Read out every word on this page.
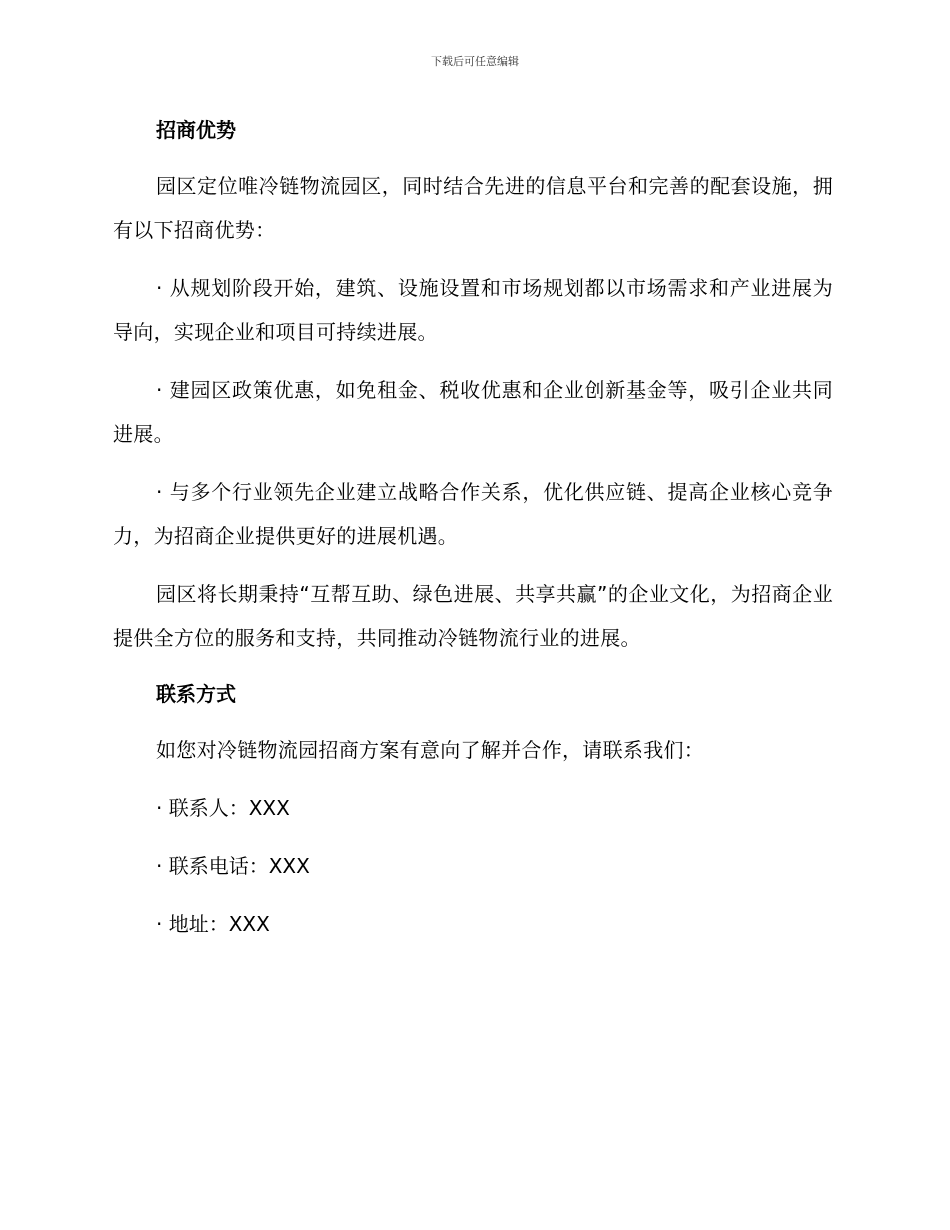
下载后可任意编辑
招商优势

园区定位唯冷链物流园区，同时结合先进的信息平台和完善的配套设施，拥有以下招商优势：

· 从规划阶段开始，建筑、设施设置和市场规划都以市场需求和产业进展为导向，实现企业和项目可持续进展。

· 建园区政策优惠，如免租金、税收优惠和企业创新基金等，吸引企业共同进展。

· 与多个行业领先企业建立战略合作关系，优化供应链、提高企业核心竞争力，为招商企业提供更好的进展机遇。

园区将长期秉持“互帮互助、绿色进展、共享共赢”的企业文化，为招商企业提供全方位的服务和支持，共同推动冷链物流行业的进展。

联系方式

如您对冷链物流园招商方案有意向了解并合作，请联系我们：

· 联系人：XXX

· 联系电话：XXX

· 地址：XXX
